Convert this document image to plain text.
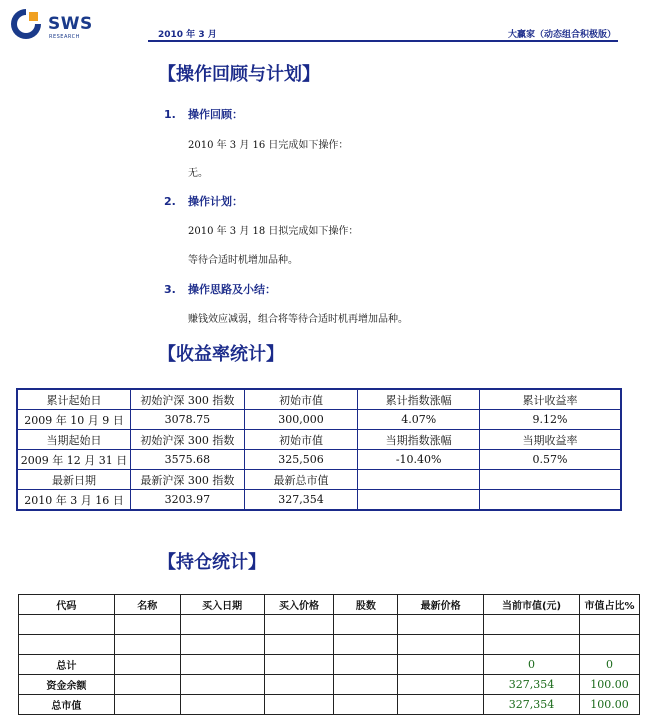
SWS
RESEARCH	2010 年 3 月	大赢家（动态组合积极版）
【操作回顾与计划】
1. 操作回顾：
2010 年 3 月 16 日完成如下操作：
无。
2. 操作计划：
2010 年 3 月 18 日拟完成如下操作：
等待合适时机增加品种。
3. 操作思路及小结：
赚钱效应减弱，组合将等待合适时机再增加品种。
【收益率统计】
累计起始日	初始沪深 300 指数	初始市值	累计指数涨幅	累计收益率
2009 年 10 月 9 日	3078.75	300,000	4.07%	9.12%
当期起始日	初始沪深 300 指数	初始市值	当期指数涨幅	当期收益率
2009 年 12 月 31 日	3575.68	325,506	-10.40%	0.57%
最新日期	最新沪深 300 指数	最新总市值		
2010 年 3 月 16 日	3203.97	327,354		
【持仓统计】
代码	名称	买入日期	买入价格	股数	最新价格	当前市值(元)	市值占比%

总计						0	0
资金余额						327,354	100.00
总市值						327,354	100.00
